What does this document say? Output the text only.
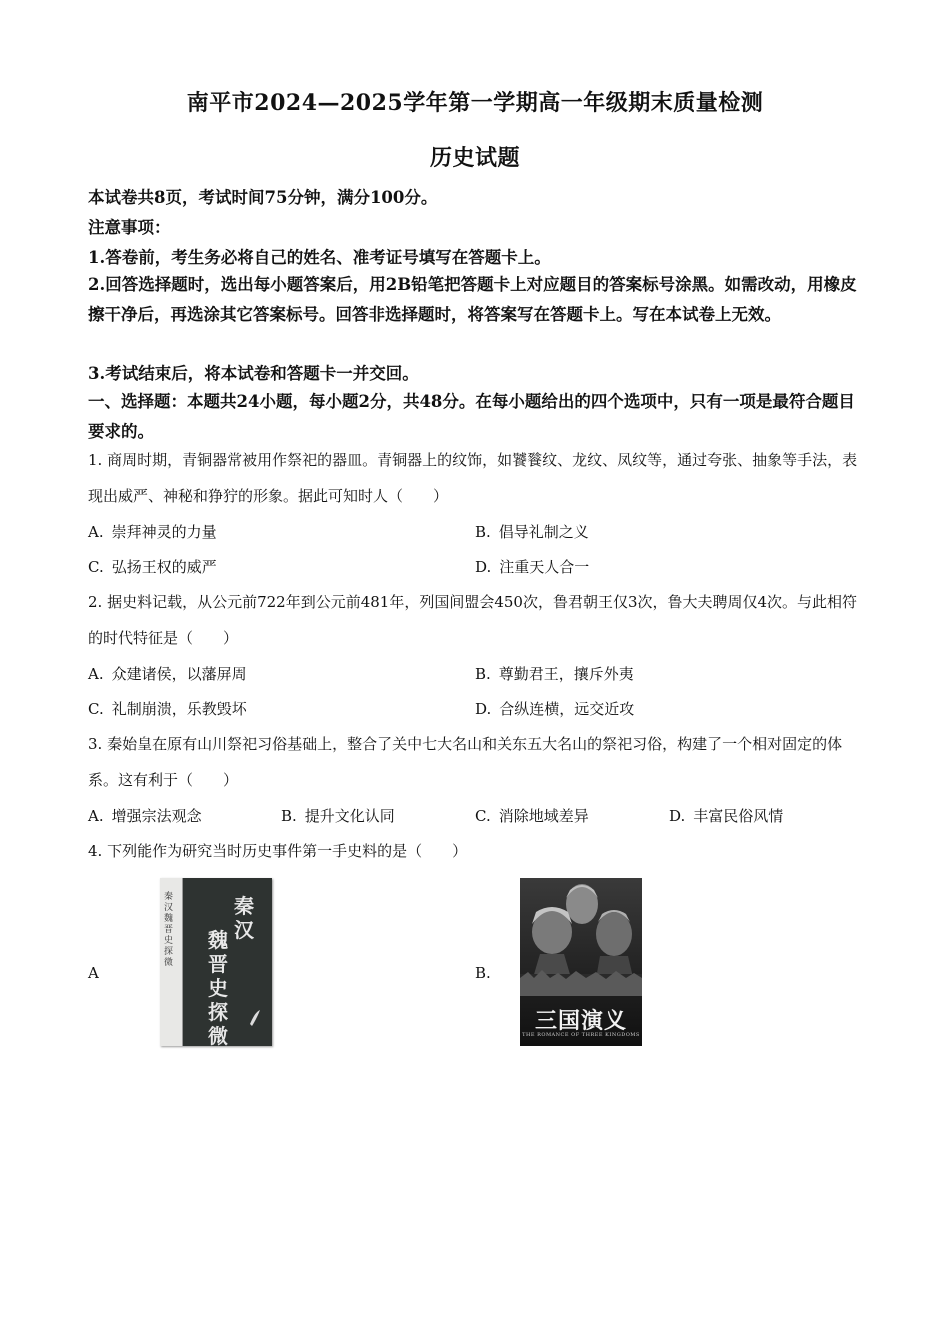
南平市2024—2025学年第一学期高一年级期末质量检测
历史试题
本试卷共8页，考试时间75分钟，满分100分。
注意事项：
1.答卷前，考生务必将自己的姓名、准考证号填写在答题卡上。
2.回答选择题时，选出每小题答案后，用2B铅笔把答题卡上对应题目的答案标号涂黑。如需改动，用橡皮擦干净后，再选涂其它答案标号。回答非选择题时，将答案写在答题卡上。写在本试卷上无效。
3.考试结束后，将本试卷和答题卡一并交回。
一、选择题：本题共24小题，每小题2分，共48分。在每小题给出的四个选项中，只有一项是最符合题目要求的。
1. 商周时期，青铜器常被用作祭祀的器皿。青铜器上的纹饰，如饕餮纹、龙纹、凤纹等，通过夸张、抽象等手法，表现出威严、神秘和狰狞的形象。据此可知时人（　　）
A. 崇拜神灵的力量	B. 倡导礼制之义
C. 弘扬王权的威严	D. 注重天人合一
2. 据史料记载，从公元前722年到公元前481年，列国间盟会450次，鲁君朝王仅3次，鲁大夫聘周仅4次。与此相符的时代特征是（　　）
A. 众建诸侯，以藩屏周	B. 尊勤君王，攘斥外夷
C. 礼制崩溃，乐教毁坏	D. 合纵连横，远交近攻
3. 秦始皇在原有山川祭祀习俗基础上，整合了关中七大名山和关东五大名山的祭祀习俗，构建了一个相对固定的体系。这有利于（　　）
A. 增强宗法观念	B. 提升文化认同	C. 消除地域差异	D. 丰富民俗风情
4. 下列能作为研究当时历史事件第一手史料的是（　　）
A
秦汉魏晋史探微
秦汉
魏晋史探微
B.
三国演义
THE ROMANCE OF THREE KINGDOMS
